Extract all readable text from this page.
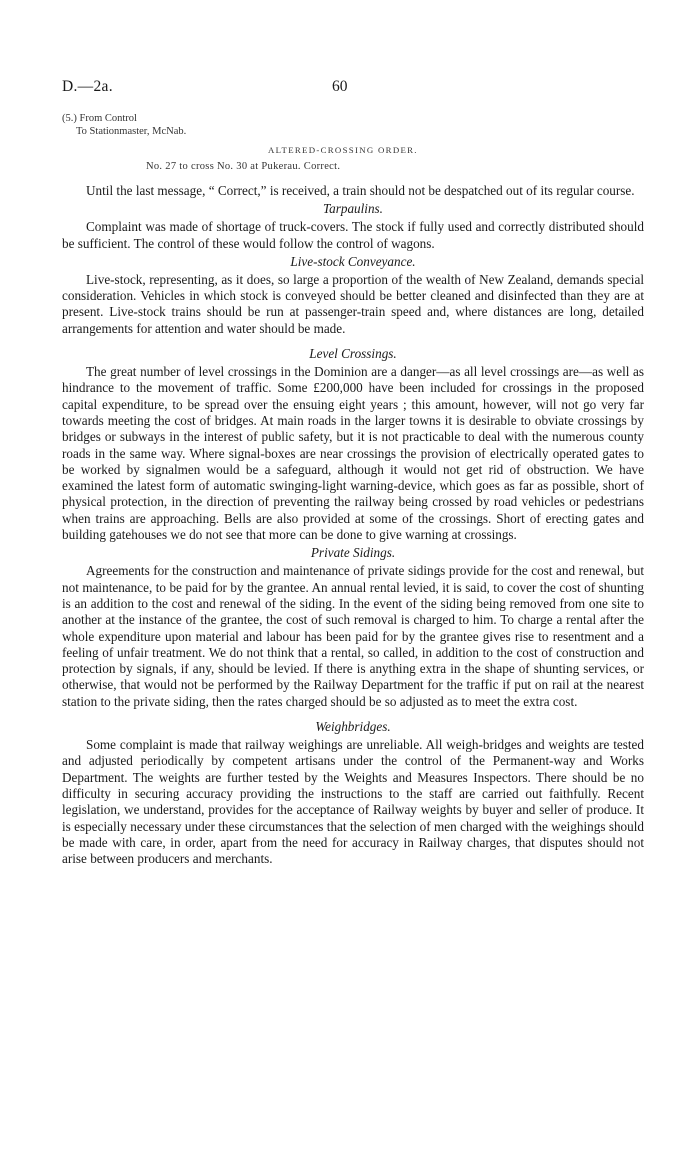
D.—2a.	60
(5.) From Control
To Stationmaster, McNab.
ALTERED-CROSSING ORDER.
No. 27 to cross No. 30 at Pukerau. Correct.

Until the last message, “ Correct,” is received, a train should not be despatched out of its regular course.

Tarpaulins.

Complaint was made of shortage of truck-covers. The stock if fully used and correctly distributed should be sufficient. The control of these would follow the control of wagons.

Live-stock Conveyance.

Live-stock, representing, as it does, so large a proportion of the wealth of New Zealand, demands special consideration. Vehicles in which stock is conveyed should be better cleaned and disinfected than they are at present. Live-stock trains should be run at passenger-train speed and, where distances are long, detailed arrangements for attention and water should be made.

Level Crossings.

The great number of level crossings in the Dominion are a danger—as all level crossings are—as well as hindrance to the movement of traffic. Some £200,000 have been included for crossings in the proposed capital expenditure, to be spread over the ensuing eight years ; this amount, however, will not go very far towards meeting the cost of bridges. At main roads in the larger towns it is desirable to obviate crossings by bridges or subways in the interest of public safety, but it is not practicable to deal with the numerous county roads in the same way. Where signal-boxes are near crossings the provision of electrically operated gates to be worked by signalmen would be a safeguard, although it would not get rid of obstruction. We have examined the latest form of automatic swinging-light warning-device, which goes as far as possible, short of physical protection, in the direction of preventing the railway being crossed by road vehicles or pedestrians when trains are approaching. Bells are also provided at some of the crossings. Short of erecting gates and building gatehouses we do not see that more can be done to give warning at crossings.

Private Sidings.

Agreements for the construction and maintenance of private sidings provide for the cost and renewal, but not maintenance, to be paid for by the grantee. An annual rental levied, it is said, to cover the cost of shunting is an addition to the cost and renewal of the siding. In the event of the siding being removed from one site to another at the instance of the grantee, the cost of such removal is charged to him. To charge a rental after the whole expenditure upon material and labour has been paid for by the grantee gives rise to resentment and a feeling of unfair treatment. We do not think that a rental, so called, in addition to the cost of construction and protection by signals, if any, should be levied. If there is anything extra in the shape of shunting services, or otherwise, that would not be performed by the Railway Department for the traffic if put on rail at the nearest station to the private siding, then the rates charged should be so adjusted as to meet the extra cost.

Weighbridges.

Some complaint is made that railway weighings are unreliable. All weigh-bridges and weights are tested and adjusted periodically by competent artisans under the control of the Permanent-way and Works Department. The weights are further tested by the Weights and Measures Inspectors. There should be no difficulty in securing accuracy providing the instructions to the staff are carried out faithfully. Recent legislation, we understand, provides for the acceptance of Railway weights by buyer and seller of produce. It is especially necessary under these circumstances that the selection of men charged with the weighings should be made with care, in order, apart from the need for accuracy in Railway charges, that disputes should not arise between producers and merchants.
